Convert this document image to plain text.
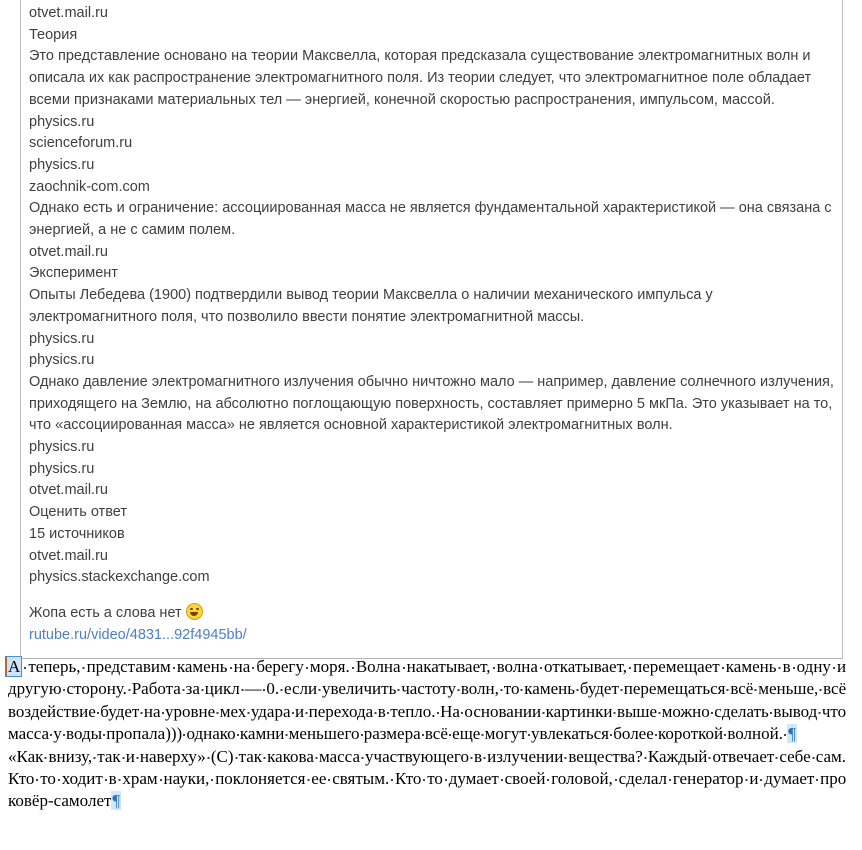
otvet.mail.ru
Теория
Это представление основано на теории Максвелла, которая предсказала существование электромагнитных волн и описала их как распространение электромагнитного поля. Из теории следует, что электромагнитное поле обладает всеми признаками материальных тел — энергией, конечной скоростью распространения, импульсом, массой.
physics.ru
scienceforum.ru
physics.ru
zaochnik-com.com
Однако есть и ограничение: ассоциированная масса не является фундаментальной характеристикой — она связана с энергией, а не с самим полем.
otvet.mail.ru
Эксперимент
Опыты Лебедева (1900) подтвердили вывод теории Максвелла о наличии механического импульса у электромагнитного поля, что позволило ввести понятие электромагнитной массы.
physics.ru
physics.ru
Однако давление электромагнитного излучения обычно ничтожно мало — например, давление солнечного излучения, приходящего на Землю, на абсолютно поглощающую поверхность, составляет примерно 5 мкПа. Это указывает на то, что «ассоциированная масса» не является основной характеристикой электромагнитных волн.
physics.ru
physics.ru
otvet.mail.ru
Оценить ответ
15 источников
otvet.mail.ru
physics.stackexchange.com
Жопа есть а слова нет
rutube.ru/video/4831...92f4945bb/

А теперь, представим камень на берегу моря. Волна накатывает, волна откатывает, перемещает камень в одну и другую сторону. Работа за цикл — 0. если увеличить частоту волн, то камень будет перемещаться всё меньше, всё воздействие будет на уровне мех удара и перехода в тепло. На основании картинки выше можно сделать вывод что масса у воды пропала))) однако камни меньшего размера всё еще могут увлекаться более короткой волной. ¶

«Как внизу, так и наверху» (С) так какова масса участвующего в излучении вещества? Каждый отвечает себе сам. Кто то ходит в храм науки, поклоняется ее святым. Кто то думает своей головой, сделал генератор и думает про ковёр-самолет¶
